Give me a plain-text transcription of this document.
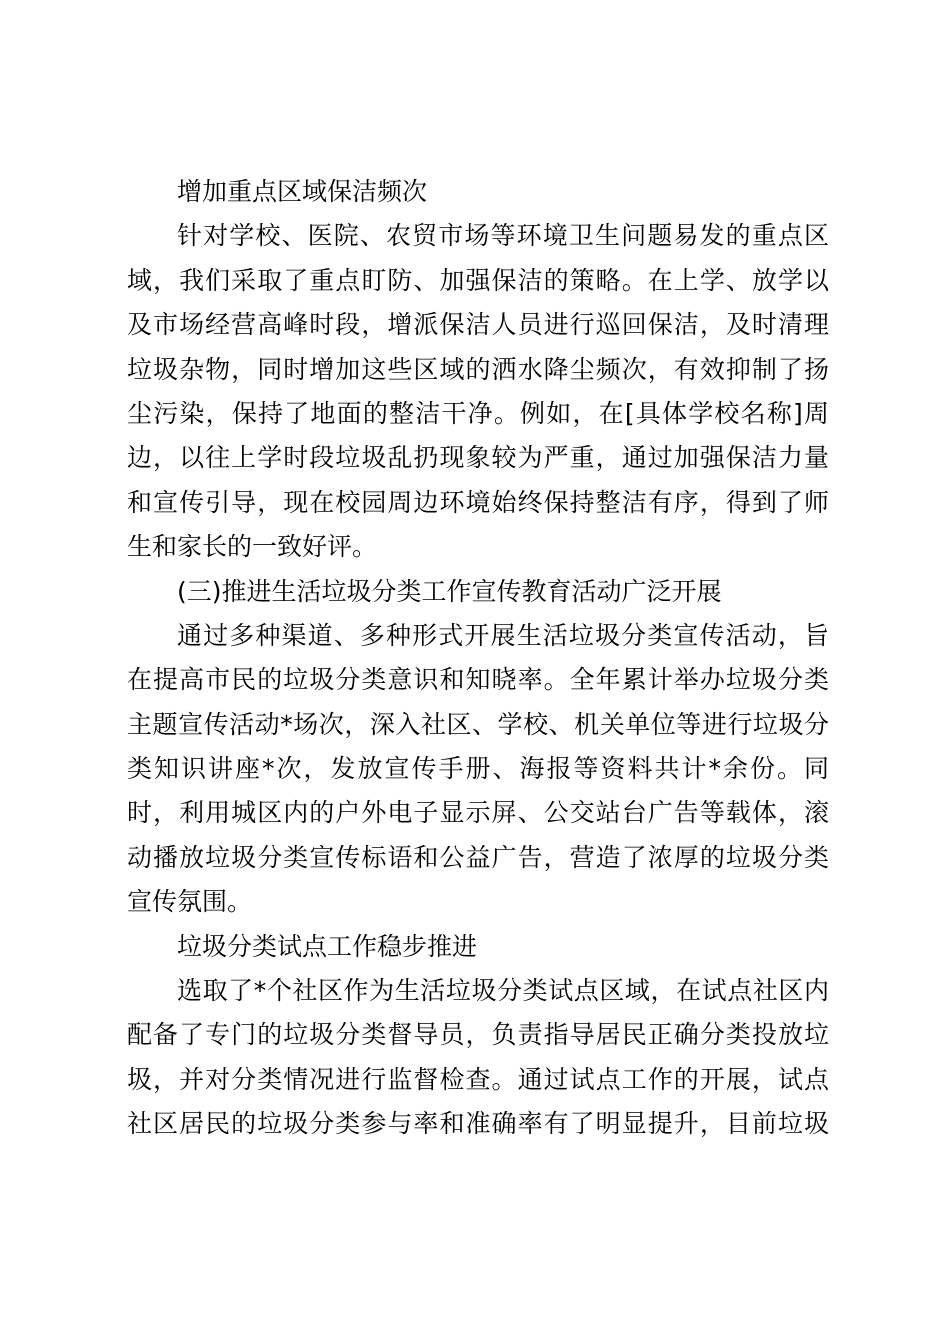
增加重点区域保洁频次
针对学校、医院、农贸市场等环境卫生问题易发的重点区
域，我们采取了重点盯防、加强保洁的策略。在上学、放学以
及市场经营高峰时段，增派保洁人员进行巡回保洁，及时清理
垃圾杂物，同时增加这些区域的洒水降尘频次，有效抑制了扬
尘污染，保持了地面的整洁干净。例如，在[具体学校名称]周
边，以往上学时段垃圾乱扔现象较为严重，通过加强保洁力量
和宣传引导，现在校园周边环境始终保持整洁有序，得到了师
生和家长的一致好评。
(三)推进生活垃圾分类工作宣传教育活动广泛开展
通过多种渠道、多种形式开展生活垃圾分类宣传活动，旨
在提高市民的垃圾分类意识和知晓率。全年累计举办垃圾分类
主题宣传活动*场次，深入社区、学校、机关单位等进行垃圾分
类知识讲座*次，发放宣传手册、海报等资料共计*余份。同
时，利用城区内的户外电子显示屏、公交站台广告等载体，滚
动播放垃圾分类宣传标语和公益广告，营造了浓厚的垃圾分类
宣传氛围。
垃圾分类试点工作稳步推进
选取了*个社区作为生活垃圾分类试点区域，在试点社区内
配备了专门的垃圾分类督导员，负责指导居民正确分类投放垃
圾，并对分类情况进行监督检查。通过试点工作的开展，试点
社区居民的垃圾分类参与率和准确率有了明显提升，目前垃圾
